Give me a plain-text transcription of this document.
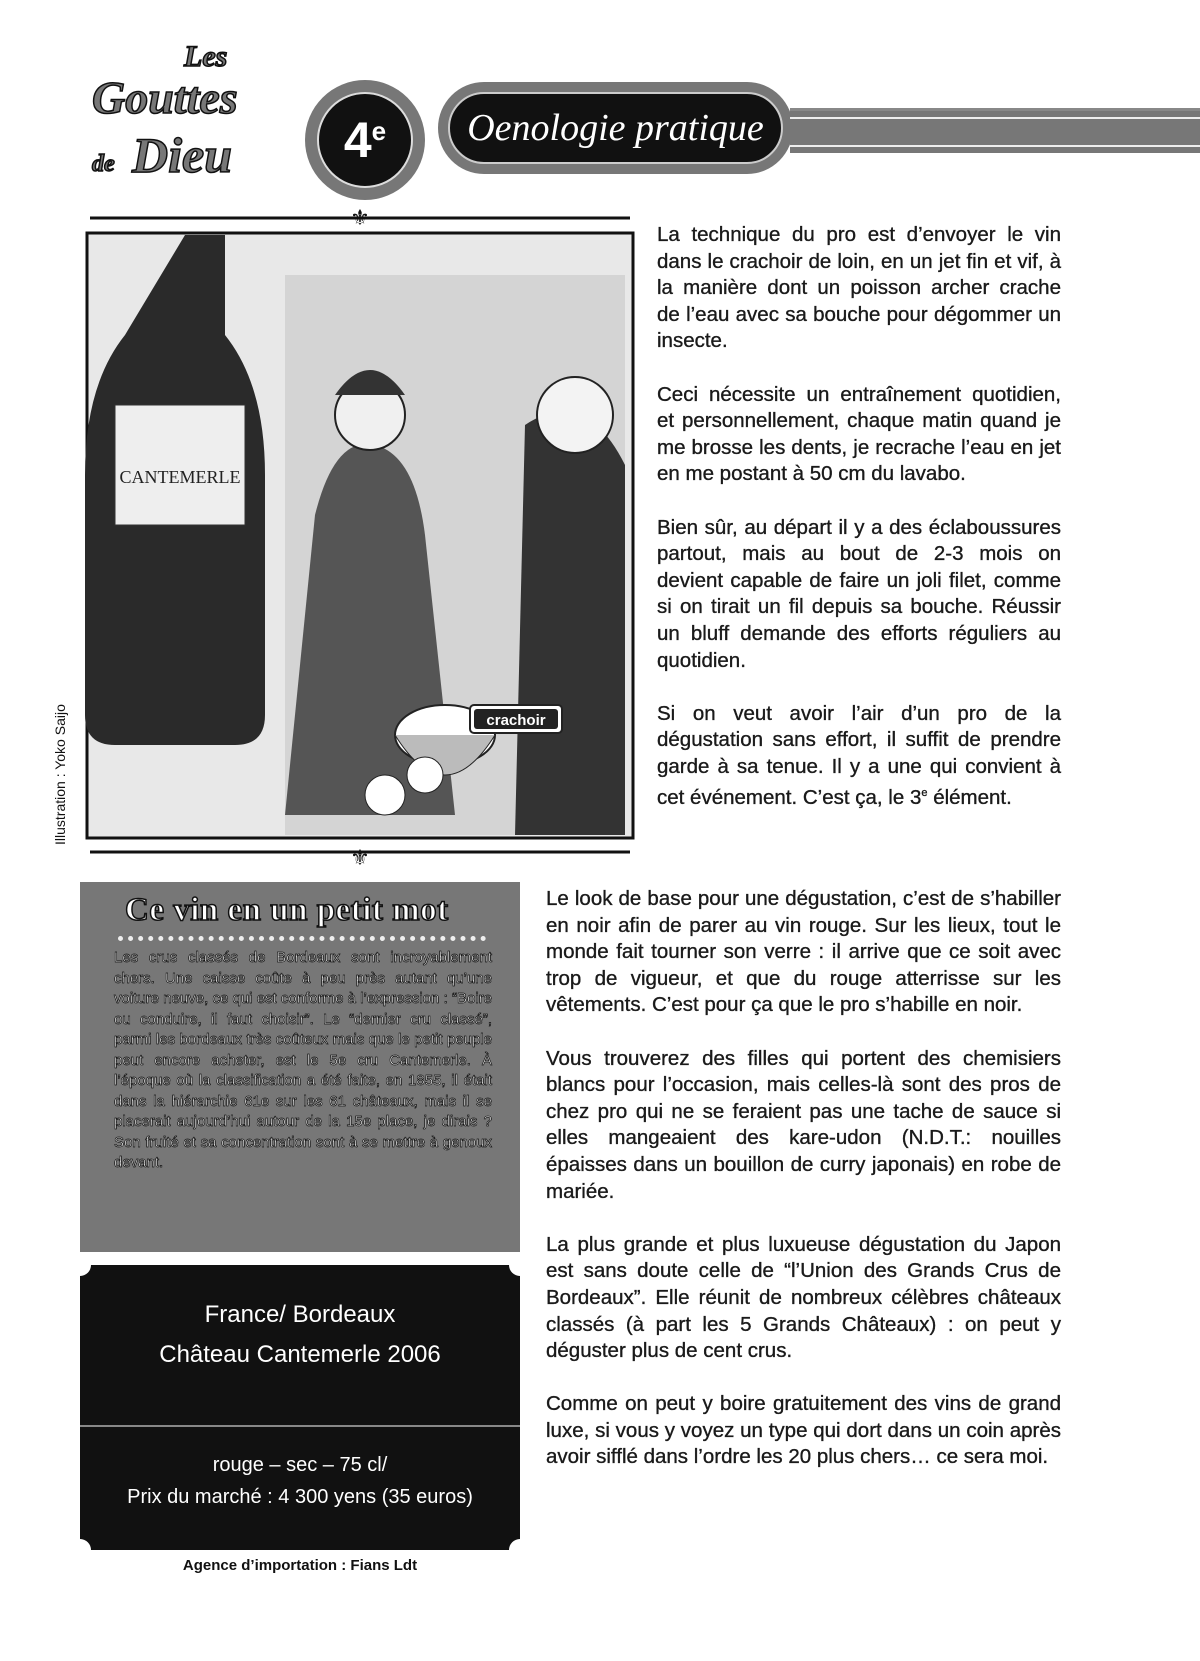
Les
Gouttes
de Dieu 4 e Oenologie pratique
⚜
⚜
CANTEMERLE
crachoir
Illustration : Yoko Saijo

La technique du pro est d’envoyer le vin dans le crachoir de loin, en un jet fin et vif, à la manière dont un poisson archer crache de l’eau avec sa bouche pour dégommer un insecte.

Ceci nécessite un entraînement quotidien, et personnellement, chaque matin quand je me brosse les dents, je recrache l’eau en jet en me postant à 50 cm du lavabo.

Bien sûr, au départ il y a des éclaboussures partout, mais au bout de 2-3 mois on devient capable de faire un joli filet, comme si on tirait un fil depuis sa bouche. Réussir un bluff demande des efforts réguliers au quotidien.

Si on veut avoir l’air d’un pro de la dégustation sans effort, il suffit de prendre garde à sa tenue. Il y a une qui convient à cet événement. C’est ça, le 3e élément.

Le look de base pour une dégustation, c’est de s’habiller en noir afin de parer au vin rouge. Sur les lieux, tout le monde fait tourner son verre : il arrive que ce soit avec trop de vigueur, et que du rouge atterrisse sur les vêtements. C’est pour ça que le pro s’habille en noir.

Vous trouverez des filles qui portent des chemisiers blancs pour l’occasion, mais celles-là sont des pros de chez pro qui ne se feraient pas une tache de sauce si elles mangeaient des kare-udon (N.D.T.: nouilles épaisses dans un bouillon de curry japonais) en robe de mariée.

La plus grande et plus luxueuse dégustation du Japon est sans doute celle de “l’Union des Grands Crus de Bordeaux”. Elle réunit de nombreux célèbres châteaux classés (à part les 5 Grands Châteaux) : on peut y déguster plus de cent crus.

Comme on peut y boire gratuitement des vins de grand luxe, si vous y voyez un type qui dort dans un coin après avoir sifflé dans l’ordre les 20 plus chers… ce sera moi.

Ce vin en un petit mot
Les crus classés de Bordeaux sont incroyablement chers. Une caisse coûte à peu près autant qu’une voiture neuve, ce qui est conforme à l’expression : “Boire ou conduire, il faut choisir”. Le “dernier cru classé”, parmi les bordeaux très coûteux mais que le petit peuple peut encore acheter, est le 5e cru Cantemerle. À l’époque où la classification a été faite, en 1855, il était dans la hiérarchie 61e sur les 61 châteaux, mais il se placerait aujourd’hui autour de la 15e place, je dirais ? Son fruité et sa concentration sont à se mettre à genoux devant.
France/ Bordeaux
Château Cantemerle 2006
rouge – sec – 75 cl/
Prix du marché : 4 300 yens (35 euros)
Agence d’importation : Fians Ldt
